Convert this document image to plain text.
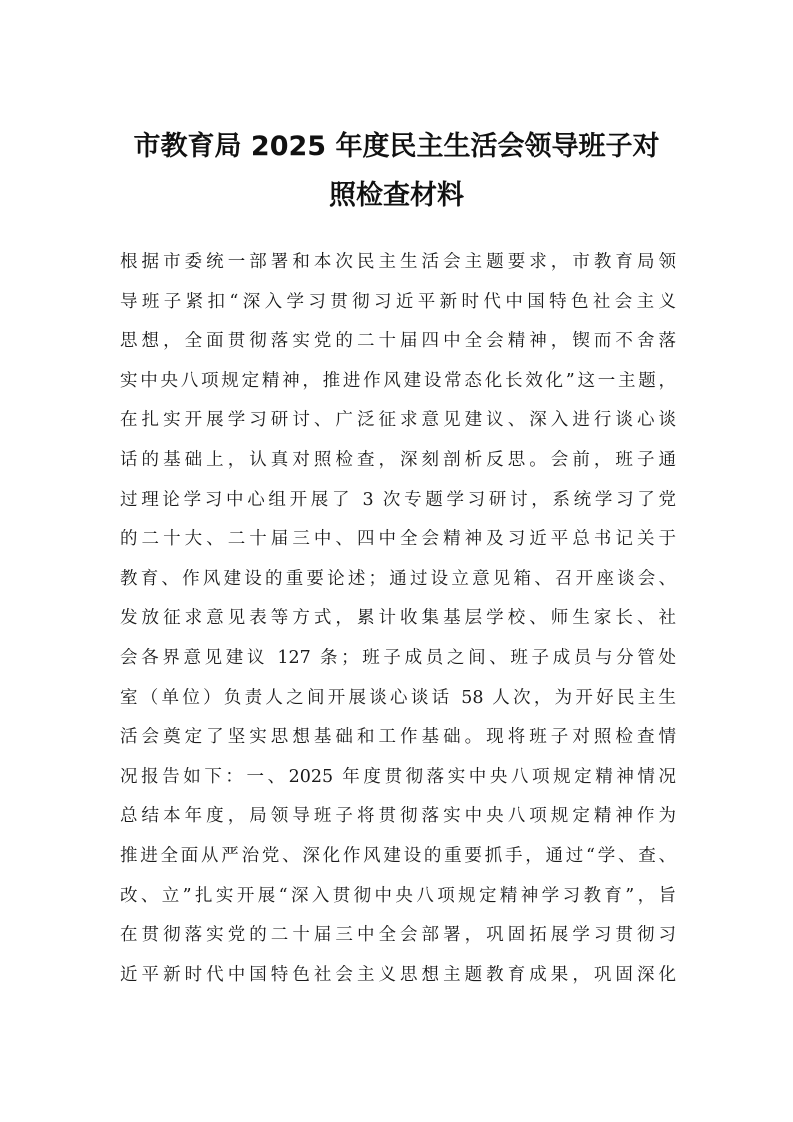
市教育局 2025 年度民主生活会领导班子对
照检查材料
根据市委统一部署和本次民主生活会主题要求，市教育局领
导班子紧扣“深入学习贯彻习近平新时代中国特色社会主义
思想，全面贯彻落实党的二十届四中全会精神，锲而不舍落
实中央八项规定精神，推进作风建设常态化长效化”这一主题，
在扎实开展学习研讨、广泛征求意见建议、深入进行谈心谈
话的基础上，认真对照检查，深刻剖析反思。会前，班子通
过理论学习中心组开展了 3 次专题学习研讨，系统学习了党
的二十大、二十届三中、四中全会精神及习近平总书记关于
教育、作风建设的重要论述；通过设立意见箱、召开座谈会、
发放征求意见表等方式，累计收集基层学校、师生家长、社
会各界意见建议 127 条；班子成员之间、班子成员与分管处
室（单位）负责人之间开展谈心谈话 58 人次，为开好民主生
活会奠定了坚实思想基础和工作基础。现将班子对照检查情
况报告如下：一、2025 年度贯彻落实中央八项规定精神情况
总结本年度，局领导班子将贯彻落实中央八项规定精神作为
推进全面从严治党、深化作风建设的重要抓手，通过“学、查、
改、立”扎实开展“深入贯彻中央八项规定精神学习教育”，旨
在贯彻落实党的二十届三中全会部署，巩固拓展学习贯彻习
近平新时代中国特色社会主义思想主题教育成果，巩固深化
